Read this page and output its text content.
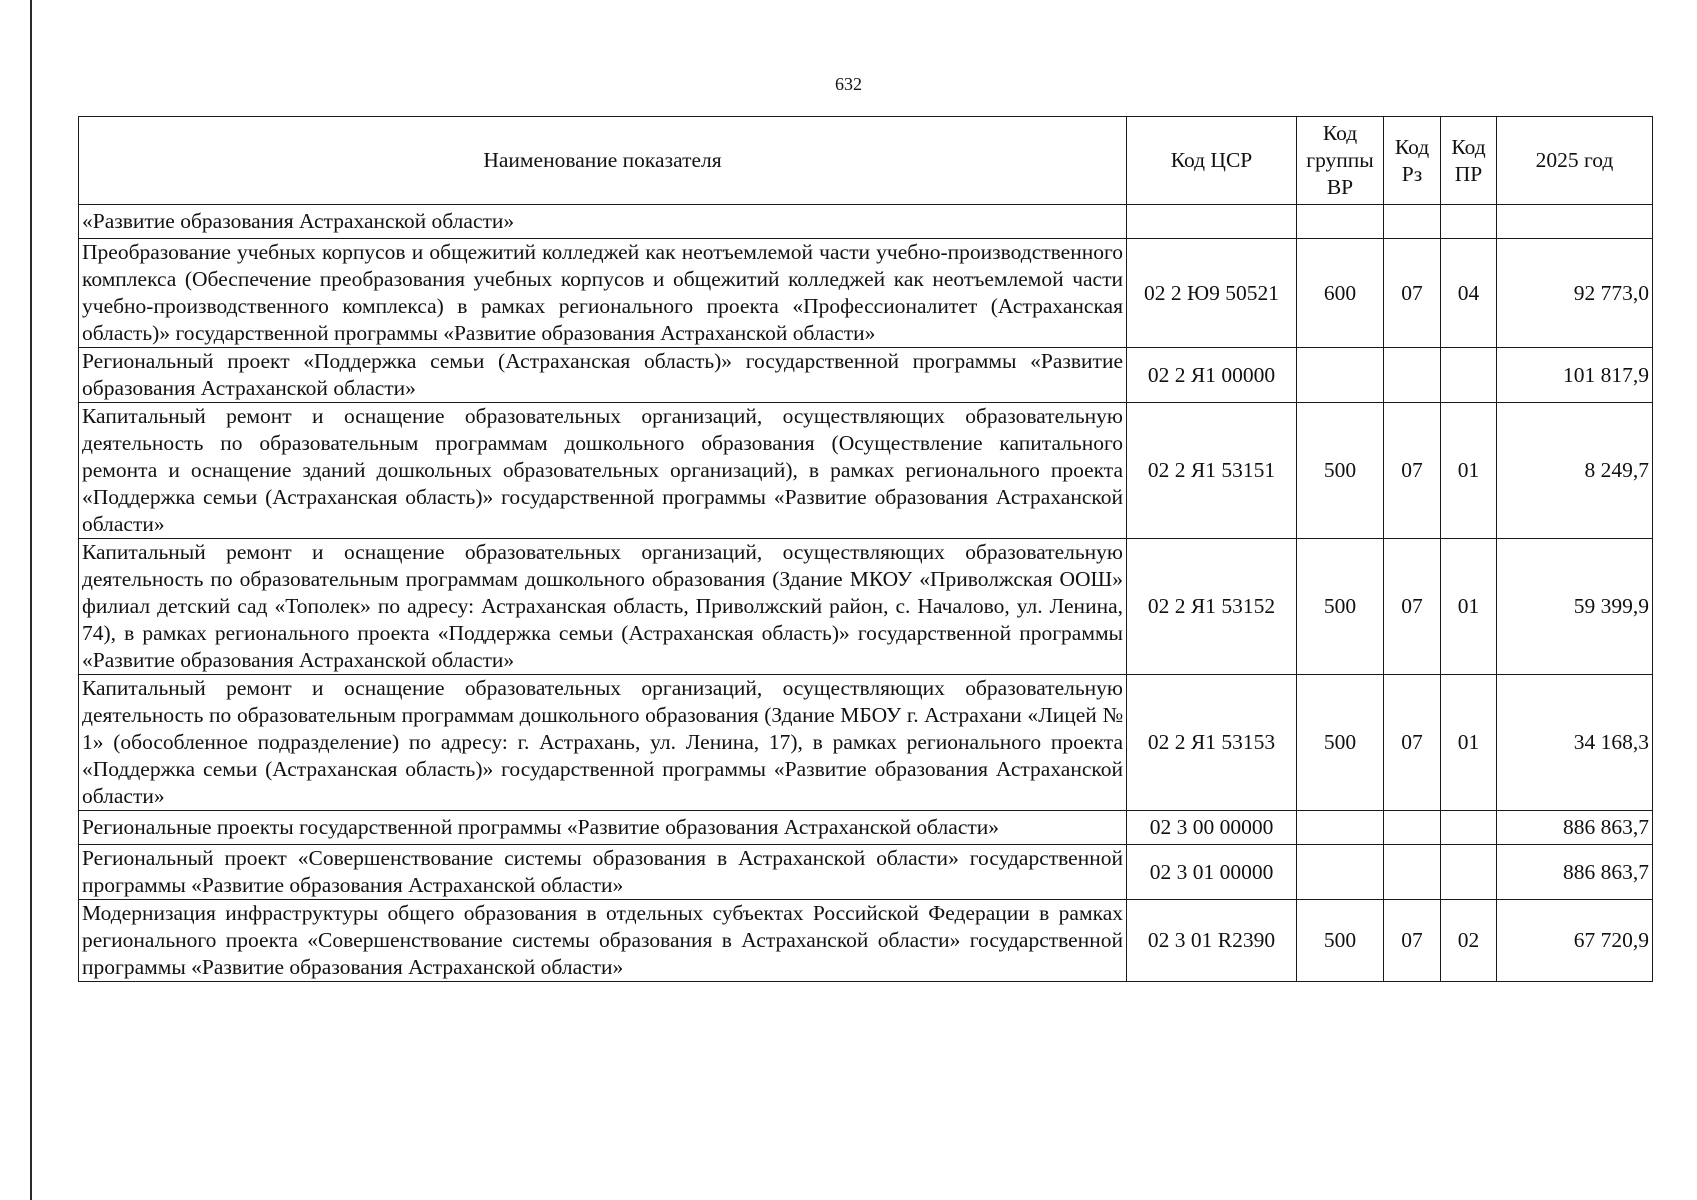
632
Наименование показателя	Код ЦСР	Код группы ВР	Код Рз	Код ПР	2025 год
«Развитие образования Астраханской области»					
Преобразование учебных корпусов и общежитий колледжей как неотъемлемой части учебно-производственного комплекса (Обеспечение преобразования учебных корпусов и общежитий колледжей как неотъемлемой части учебно-производственного комплекса) в рамках регионального проекта «Профессионалитет (Астраханская область)» государственной программы «Развитие образования Астраханской области»	02 2 Ю9 50521	600	07	04	92 773,0
Региональный проект «Поддержка семьи (Астраханская область)» государственной программы «Развитие образования Астраханской области»	02 2 Я1 00000				101 817,9
Капитальный ремонт и оснащение образовательных организаций, осуществляющих образовательную деятельность по образовательным программам дошкольного образования (Осуществление капитального ремонта и оснащение зданий дошкольных образовательных организаций), в рамках регионального проекта «Поддержка семьи (Астраханская область)» государственной программы «Развитие образования Астраханской области»	02 2 Я1 53151	500	07	01	8 249,7
Капитальный ремонт и оснащение образовательных организаций, осуществляющих образовательную деятельность по образовательным программам дошкольного образования (Здание МКОУ «Приволжская ООШ» филиал детский сад «Тополек» по адресу: Астраханская область, Приволжский район, с. Началово, ул. Ленина, 74), в рамках регионального проекта «Поддержка семьи (Астраханская область)» государственной программы «Развитие образования Астраханской области»	02 2 Я1 53152	500	07	01	59 399,9
Капитальный ремонт и оснащение образовательных организаций, осуществляющих образовательную деятельность по образовательным программам дошкольного образования (Здание МБОУ г. Астрахани «Лицей № 1» (обособленное подразделение) по адресу: г. Астрахань, ул. Ленина, 17), в рамках регионального проекта «Поддержка семьи (Астраханская область)» государственной программы «Развитие образования Астраханской области»	02 2 Я1 53153	500	07	01	34 168,3
Региональные проекты государственной программы «Развитие образования Астраханской области»	02 3 00 00000				886 863,7
Региональный проект «Совершенствование системы образования в Астраханской области» государственной программы «Развитие образования Астраханской области»	02 3 01 00000				886 863,7
Модернизация инфраструктуры общего образования в отдельных субъектах Российской Федерации в рамках регионального проекта «Совершенствование системы образования в Астраханской области» государственной программы «Развитие образования Астраханской области»	02 3 01 R2390	500	07	02	67 720,9
